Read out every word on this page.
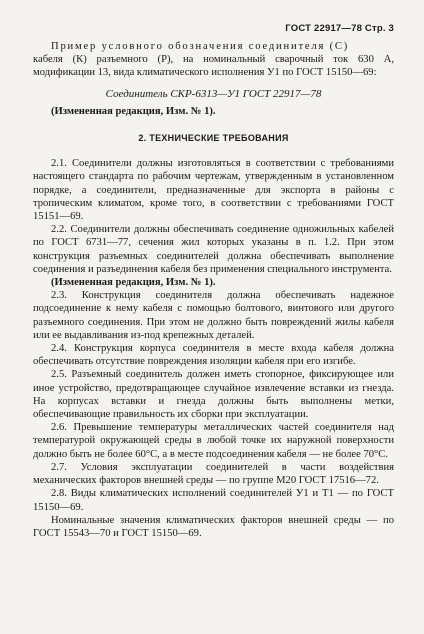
ГОСТ 22917—78 Стр. 3

Пример условного обозначения соединителя (С)

кабеля (К) разъемного (Р), на номинальный сварочный ток 630 А, модификации 13, вида климатического исполнения У1 по ГОСТ 15150—69:

Соединитель СКР-6313—У1 ГОСТ 22917—78

(Измененная редакция, Изм. № 1).

2. ТЕХНИЧЕСКИЕ ТРЕБОВАНИЯ

2.1. Соединители должны изготовляться в соответствии с требованиями настоящего стандарта по рабочим чертежам, утвержденным в установленном порядке, а соединители, предназначенные для экспорта в районы с тропическим климатом, кроме того, в соответствии с требованиями ГОСТ 15151—69.

2.2. Соединители должны обеспечивать соединение одножильных кабелей по ГОСТ 6731—77, сечения жил которых указаны в п. 1.2. При этом конструкция разъемных соединителей должна обеспечивать выполнение соединения и разъединения кабеля без применения специального инструмента.

(Измененная редакция, Изм. № 1).

2.3. Конструкция соединителя должна обеспечивать надежное подсоединение к нему кабеля с помощью болтового, винтового или другого разъемного соединения. При этом не должно быть повреждений жилы кабеля или ее выдавливания из-под крепежных деталей.

2.4. Конструкция корпуса соединителя в месте входа кабеля должна обеспечивать отсутствие повреждения изоляции кабеля при его изгибе.

2.5. Разъемный соединитель должен иметь стопорное, фиксирующее или иное устройство, предотвращающее случайное извлечение вставки из гнезда. На корпусах вставки и гнезда должны быть выполнены метки, обеспечивающие правильность их сборки при эксплуатации.

2.6. Превышение температуры металлических частей соединителя над температурой окружающей среды в любой точке их наружной поверхности должно быть не более 60°С, а в месте подсоединения кабеля — не более 70°С.

2.7. Условия эксплуатации соединителей в части воздействия механических факторов внешней среды — по группе М20 ГОСТ 17516—72.

2.8. Виды климатических исполнений соединителей У1 и Т1 — по ГОСТ 15150—69.

Номинальные значения климатических факторов внешней среды — по ГОСТ 15543—70 и ГОСТ 15150—69.
